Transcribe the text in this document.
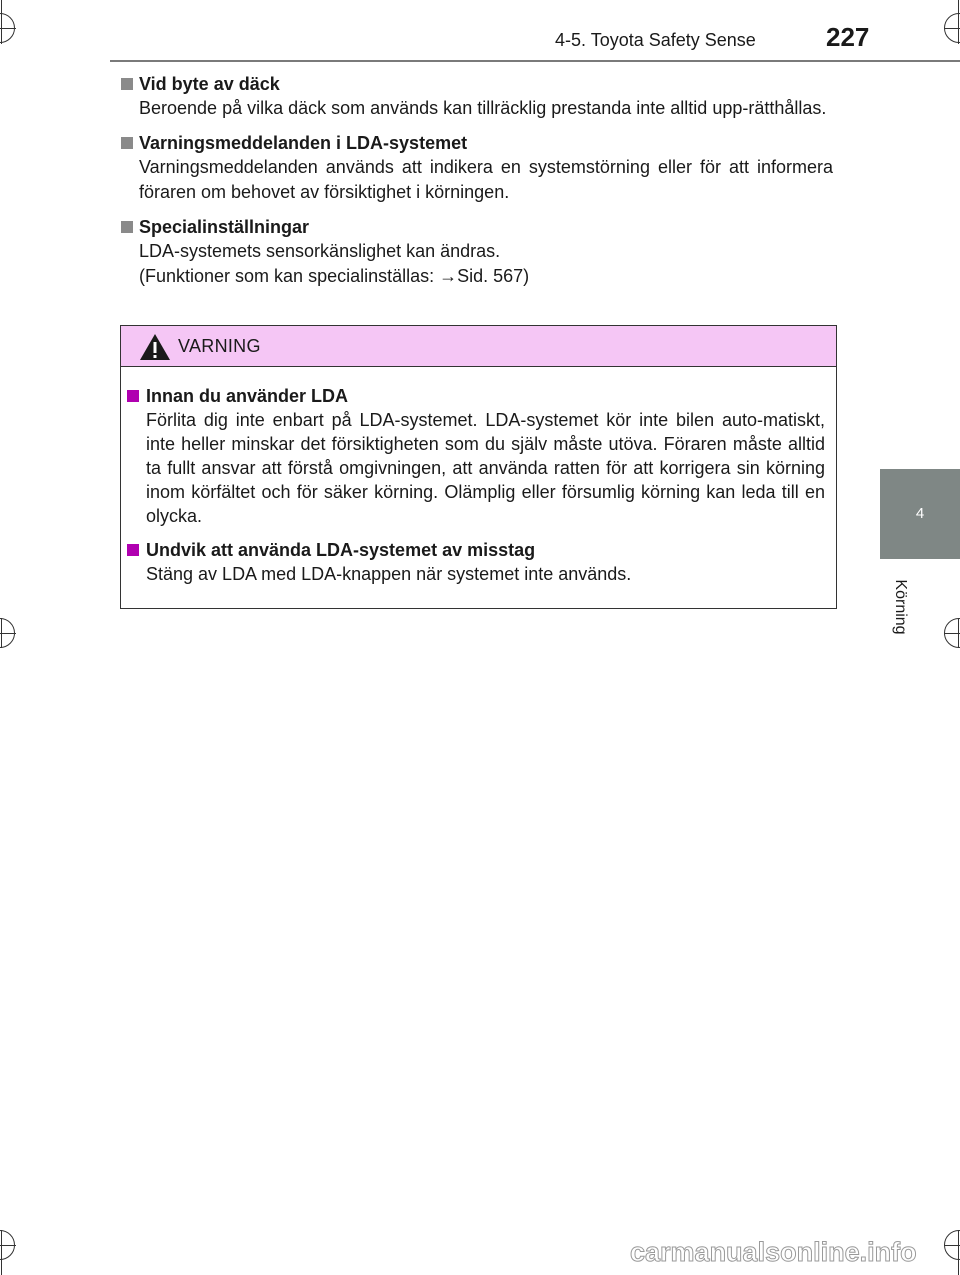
4-5. Toyota Safety Sense	227
4
Körning
Vid byte av däck

Beroende på vilka däck som används kan tillräcklig prestanda inte alltid upp-rätthållas.

Varningsmeddelanden i LDA-systemet

Varningsmeddelanden används att indikera en systemstörning eller för att informera föraren om behovet av försiktighet i körningen.

Specialinställningar

LDA-systemets sensorkänslighet kan ändras.

(Funktioner som kan specialinställas: →Sid. 567)

VARNING
Innan du använder LDA
Förlita dig inte enbart på LDA-systemet. LDA-systemet kör inte bilen auto-matiskt, inte heller minskar det försiktigheten som du själv måste utöva. Föraren måste alltid ta fullt ansvar att förstå omgivningen, att använda ratten för att korrigera sin körning inom körfältet och för säker körning. Olämplig eller försumlig körning kan leda till en olycka.
Undvik att använda LDA-systemet av misstag
Stäng av LDA med LDA-knappen när systemet inte används.
carmanualsonline.info
